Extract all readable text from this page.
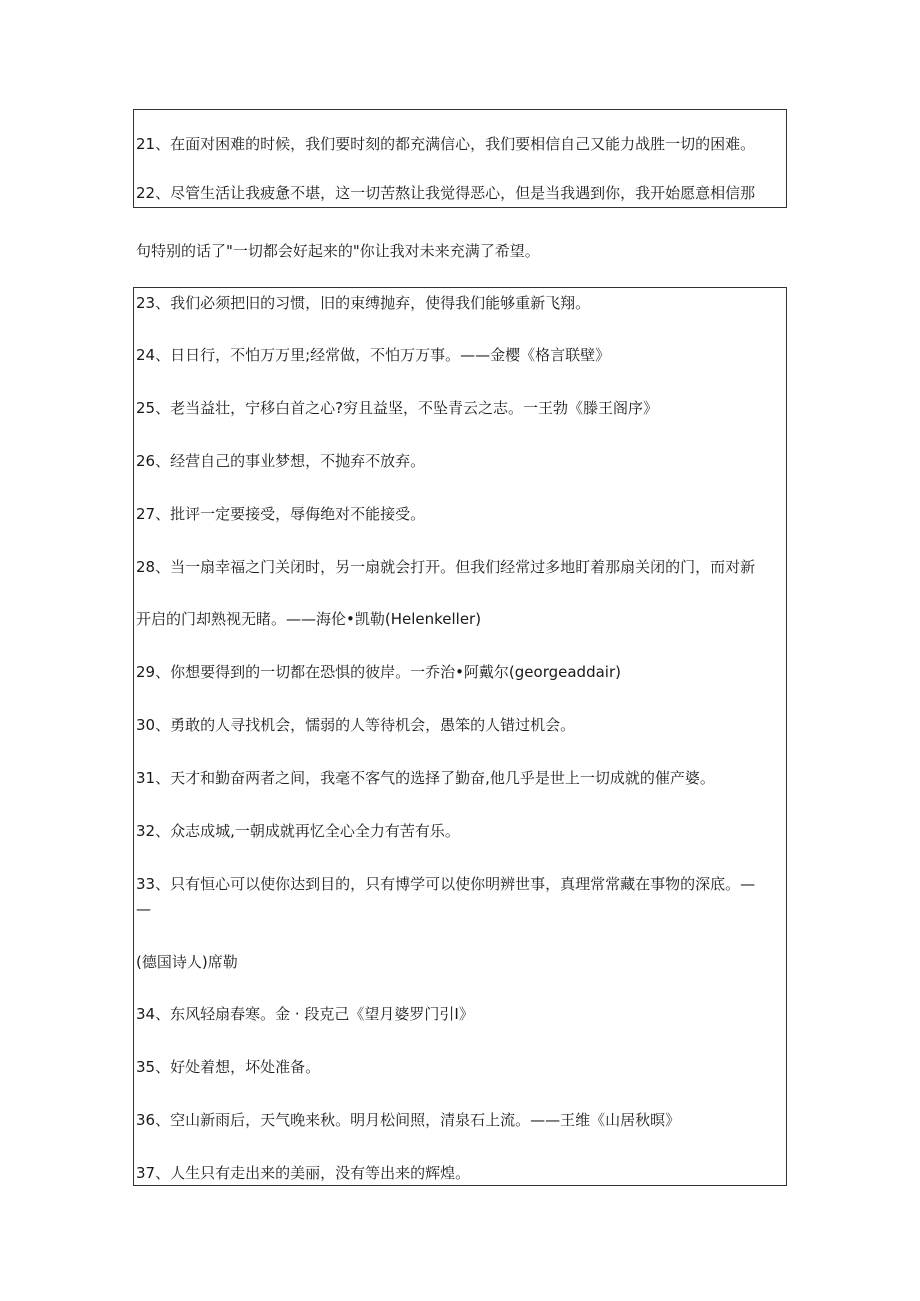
21、在面对困难的时候，我们要时刻的都充满信心，我们要相信自己又能力战胜一切的困难。
22、尽管生活让我疲惫不堪，这一切苦熬让我觉得恶心，但是当我遇到你，我开始愿意相信那
句特别的话了"一切都会好起来的"你让我对未来充满了希望。
23、我们必须把旧的习惯，旧的束缚抛弃，使得我们能够重新飞翔。
24、日日行，不怕万万里;经常做，不怕万万事。——金樱《格言联壁》
25、老当益壮，宁移白首之心?穷且益坚，不坠青云之志。一王勃《滕王阁序》
26、经营自己的事业梦想，不抛弃不放弃。
27、批评一定要接受，辱侮绝对不能接受。
28、当一扇幸福之门关闭时，另一扇就会打开。但我们经常过多地盯着那扇关闭的门，而对新
开启的门却熟视无睹。——海伦•凯勒(Helenkeller)
29、你想要得到的一切都在恐惧的彼岸。一乔治•阿戴尔(georgeaddair)
30、勇敢的人寻找机会，懦弱的人等待机会，愚笨的人错过机会。
31、天才和勤奋两者之间，我毫不客气的选择了勤奋,他几乎是世上一切成就的催产婆。
32、众志成城,一朝成就再忆全心全力有苦有乐。
33、只有恒心可以使你达到目的，只有博学可以使你明辨世事，真理常常藏在事物的深底。—
—
(德国诗人)席勒
34、东风轻扇春寒。金 · 段克己《望月婆罗门引I》
35、好处着想，坏处准备。
36、空山新雨后，天气晚来秋。明月松间照，清泉石上流。——王维《山居秋暝》
37、人生只有走出来的美丽，没有等出来的辉煌。
